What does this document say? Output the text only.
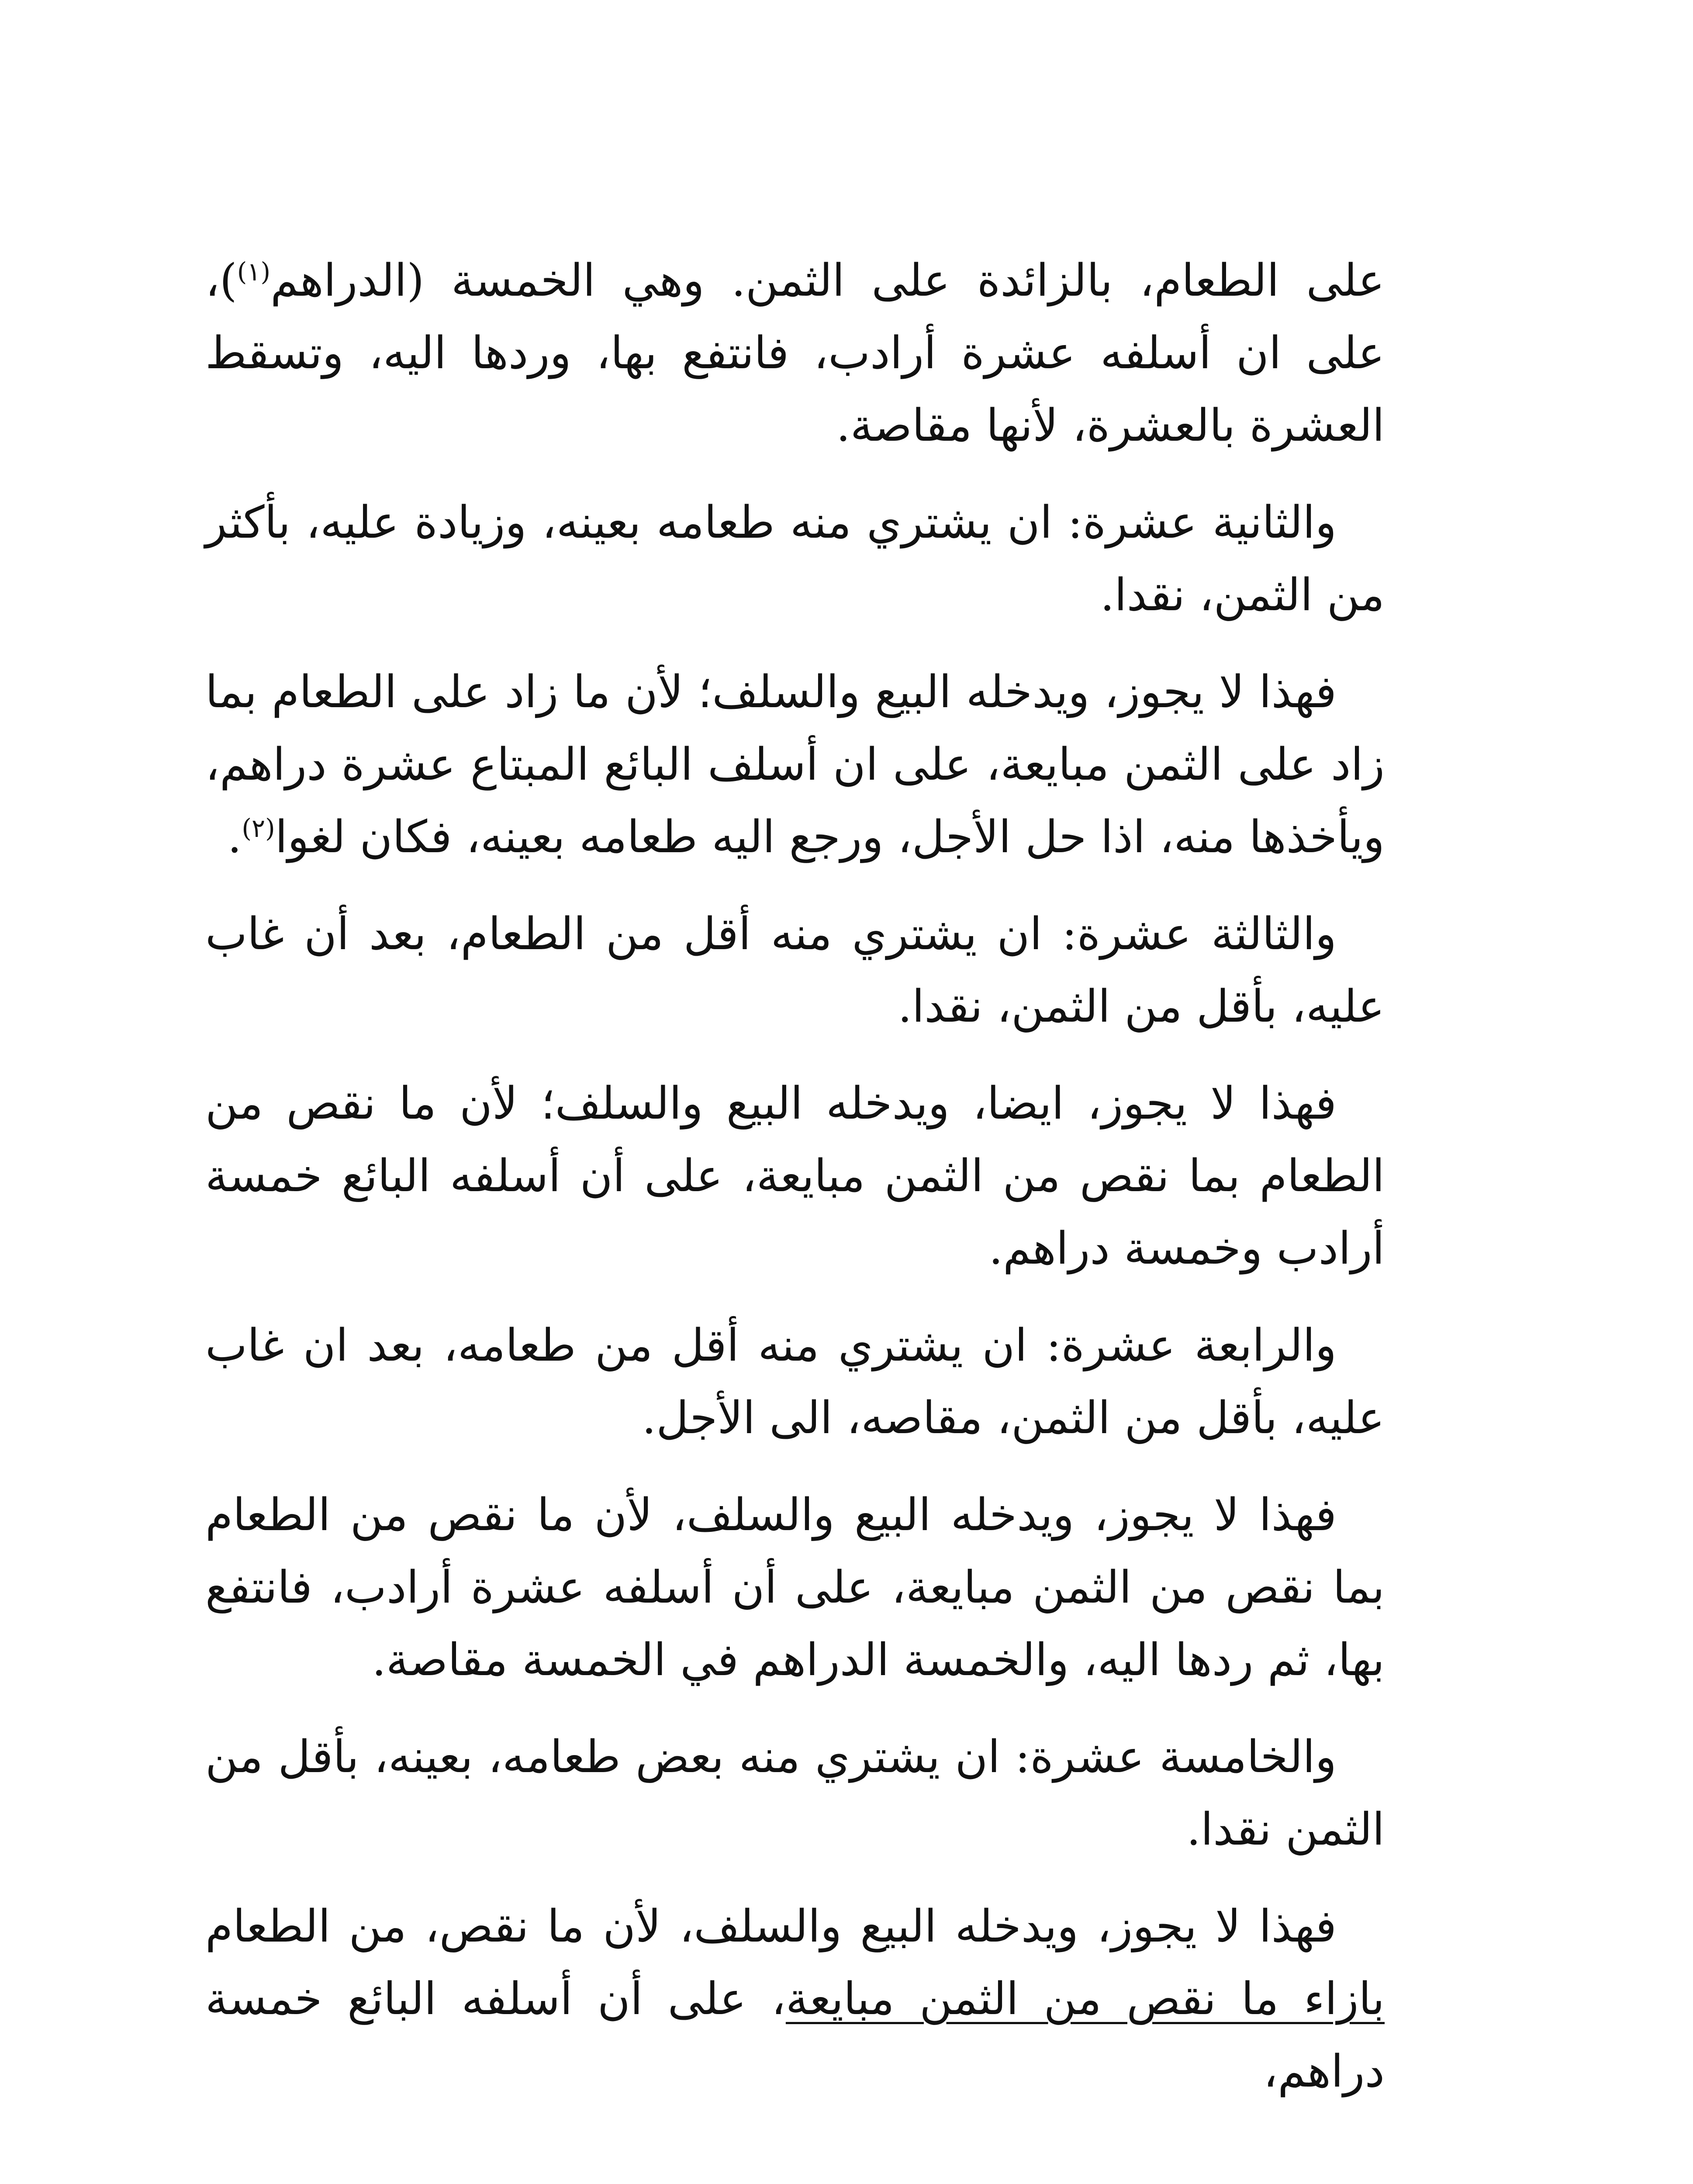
على الطعام، بالزائدة على الثمن. وهي الخمسة (الدراهم$^{(١)}$)، على ان أسلفه عشرة أرادب، فانتفع بها، وردها اليه، وتسقط العشرة بالعشرة، لأنها مقاصة.

والثانية عشرة: ان يشتري منه طعامه بعينه، وزيادة عليه، بأكثر من الثمن، نقدا.

فهذا لا يجوز، ويدخله البيع والسلف؛ لأن ما زاد على الطعام بما زاد على الثمن مبايعة، على ان أسلف البائع المبتاع عشرة دراهم، ويأخذها منه، اذا حل الأجل، ورجع اليه طعامه بعينه، فكان لغوا$^{(٢)}$.

والثالثة عشرة: ان يشتري منه أقل من الطعام، بعد أن غاب عليه، بأقل من الثمن، نقدا.

فهذا لا يجوز، ايضا، ويدخله البيع والسلف؛ لأن ما نقص من الطعام بما نقص من الثمن مبايعة، على أن أسلفه البائع خمسة أرادب وخمسة دراهم.

والرابعة عشرة: ان يشتري منه أقل من طعامه، بعد ان غاب عليه، بأقل من الثمن، مقاصه، الى الأجل.

فهذا لا يجوز، ويدخله البيع والسلف، لأن ما نقص من الطعام بما نقص من الثمن مبايعة، على أن أسلفه عشرة أرادب، فانتفع بها، ثم ردها اليه، والخمسة الدراهم في الخمسة مقاصة.

والخامسة عشرة: ان يشتري منه بعض طعامه، بعينه، بأقل من الثمن نقدا.

فهذا لا يجوز، ويدخله البيع والسلف، لأن ما نقص، من الطعام بازاء ما نقص من الثمن مبايعة، على أن أسلفه البائع خمسة دراهم،
